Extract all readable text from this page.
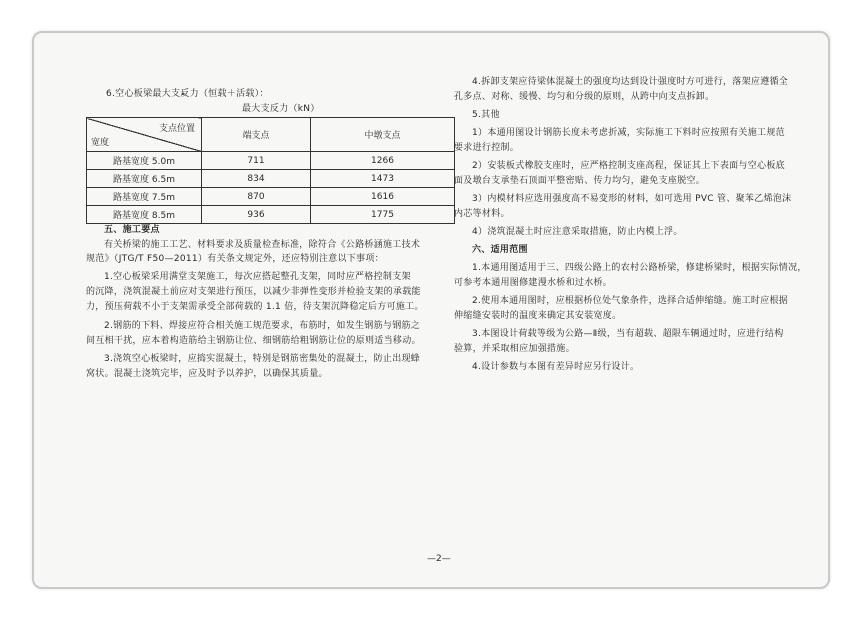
6.空心板梁最大支反力（恒载＋活载）：
最大支反力（kN）
支点位置
宽度	端支点	中墩支点
路基宽度 5.0m	711	1266
路基宽度 6.5m	834	1473
路基宽度 7.5m	870	1616
路基宽度 8.5m	936	1775
五、施工要点
有关桥梁的施工工艺、材料要求及质量检查标准，除符合《公路桥涵施工技术
规范》（JTG/T F50—2011）有关条文规定外，还应特别注意以下事项：
1.空心板梁采用满堂支架施工，每次应搭起整孔支架，同时应严格控制支架
的沉降，浇筑混凝土前应对支架进行预压，以减少非弹性变形并检验支架的承载能
力，预压荷载不小于支架需承受全部荷载的 1.1 倍，待支架沉降稳定后方可施工。
2.钢筋的下料、焊接应符合相关施工规范要求，布筋时，如发生钢筋与钢筋之
间互相干扰，应本着构造筋给主钢筋让位、细钢筋给粗钢筋让位的原则适当移动。
3.浇筑空心板梁时，应捣实混凝土，特别是钢筋密集处的混凝土，防止出现蜂
窝状。混凝土浇筑完毕，应及时予以养护，以确保其质量。
4.拆卸支架应待梁体混凝土的强度均达到设计强度时方可进行，落架应遵循全
孔多点、对称、缓慢、均匀和分级的原则，从跨中向支点拆卸。
5.其他
1）本通用图设计钢筋长度未考虑折减，实际施工下料时应按照有关施工规范
要求进行控制。
2）安装板式橡胶支座时，应严格控制支座高程，保证其上下表面与空心板底
面及墩台支承垫石顶面平整密贴、传力均匀，避免支座脱空。
3）内模材料应选用强度高不易变形的材料，如可选用 PVC 管、聚苯乙烯泡沫
内芯等材料。
4）浇筑混凝土时应注意采取措施，防止内模上浮。
六、适用范围
1.本通用图适用于三、四级公路上的农村公路桥梁，修建桥梁时，根据实际情况，
可参考本通用图修建漫水桥和过水桥。
2.使用本通用图时，应根据桥位处气象条件，选择合适伸缩缝。施工时应根据
伸缩缝安装时的温度来确定其安装宽度。
3.本图设计荷载等级为公路—Ⅱ级，当有超载、超限车辆通过时，应进行结构
验算，并采取相应加强措施。
4.设计参数与本图有差异时应另行设计。
—2—
